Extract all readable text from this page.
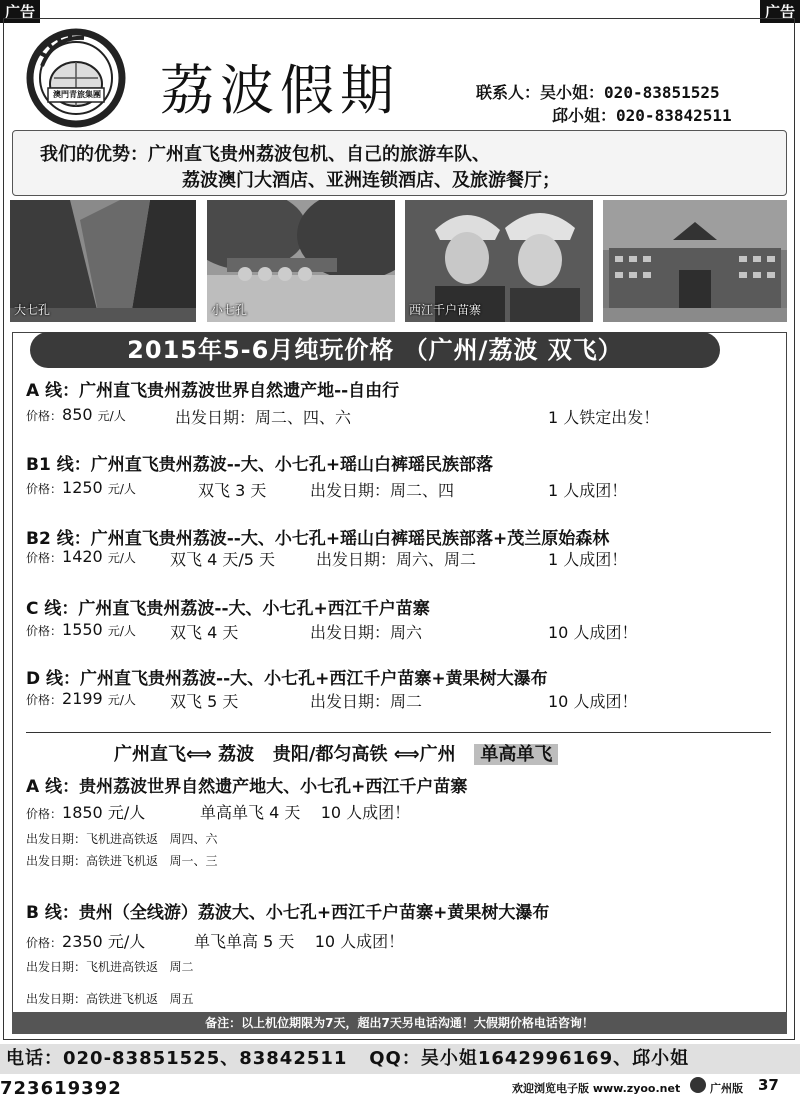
广告	广告
澳門青旅集團 荔波假期	联系人：吴小姐：020-83851525
邱小姐：020-83842511
我们的优势：广州直飞贵州荔波包机、自己的旅游车队、
荔波澳门大酒店、亚洲连锁酒店、及旅游餐厅；
大七孔	小七孔	西江千户苗寨
2015年5-6月纯玩价格 （广州/荔波 双飞）
A 线：广州直飞贵州荔波世界自然遗产地--自由行
价格：850 元/人	出发日期：周二、四、六	1 人铁定出发！
B1 线：广州直飞贵州荔波--大、小七孔+瑶山白裤瑶民族部落
价格：1250 元/人	双飞 3 天	出发日期：周二、四	1 人成团！
B2 线：广州直飞贵州荔波--大、小七孔+瑶山白裤瑶民族部落+茂兰原始森林
价格：1420 元/人 双飞 4 天/5 天	出发日期：周六、周二	1 人成团！
C 线：广州直飞贵州荔波--大、小七孔+西江千户苗寨
价格：1550 元/人 双飞 4 天	出发日期：周六	10 人成团！
D 线：广州直飞贵州荔波--大、小七孔+西江千户苗寨+黄果树大瀑布
价格：2199 元/人 双飞 5 天	出发日期：周二	10 人成团！
广州直飞⟺ 荔波 贵阳/都匀高铁 ⟺广州 单高单飞
A 线：贵州荔波世界自然遗产地大、小七孔+西江千户苗寨
价格：1850 元/人	单高单飞 4 天    10 人成团！
出发日期：飞机进高铁返 周四、六
出发日期：高铁进飞机返 周一、三
B 线：贵州（全线游）荔波大、小七孔+西江千户苗寨+黄果树大瀑布
价格：2350 元/人	单飞单高 5 天    10 人成团！
出发日期：飞机进高铁返 周二
出发日期：高铁进飞机返 周五
备注：以上机位期限为7天，超出7天另电话沟通！大假期价格电话咨询！
电话：020-83851525、83842511 QQ：吴小姐1642996169、邱小姐723619392	欢迎浏览电子版 www.zyoo.net	广州版 37
